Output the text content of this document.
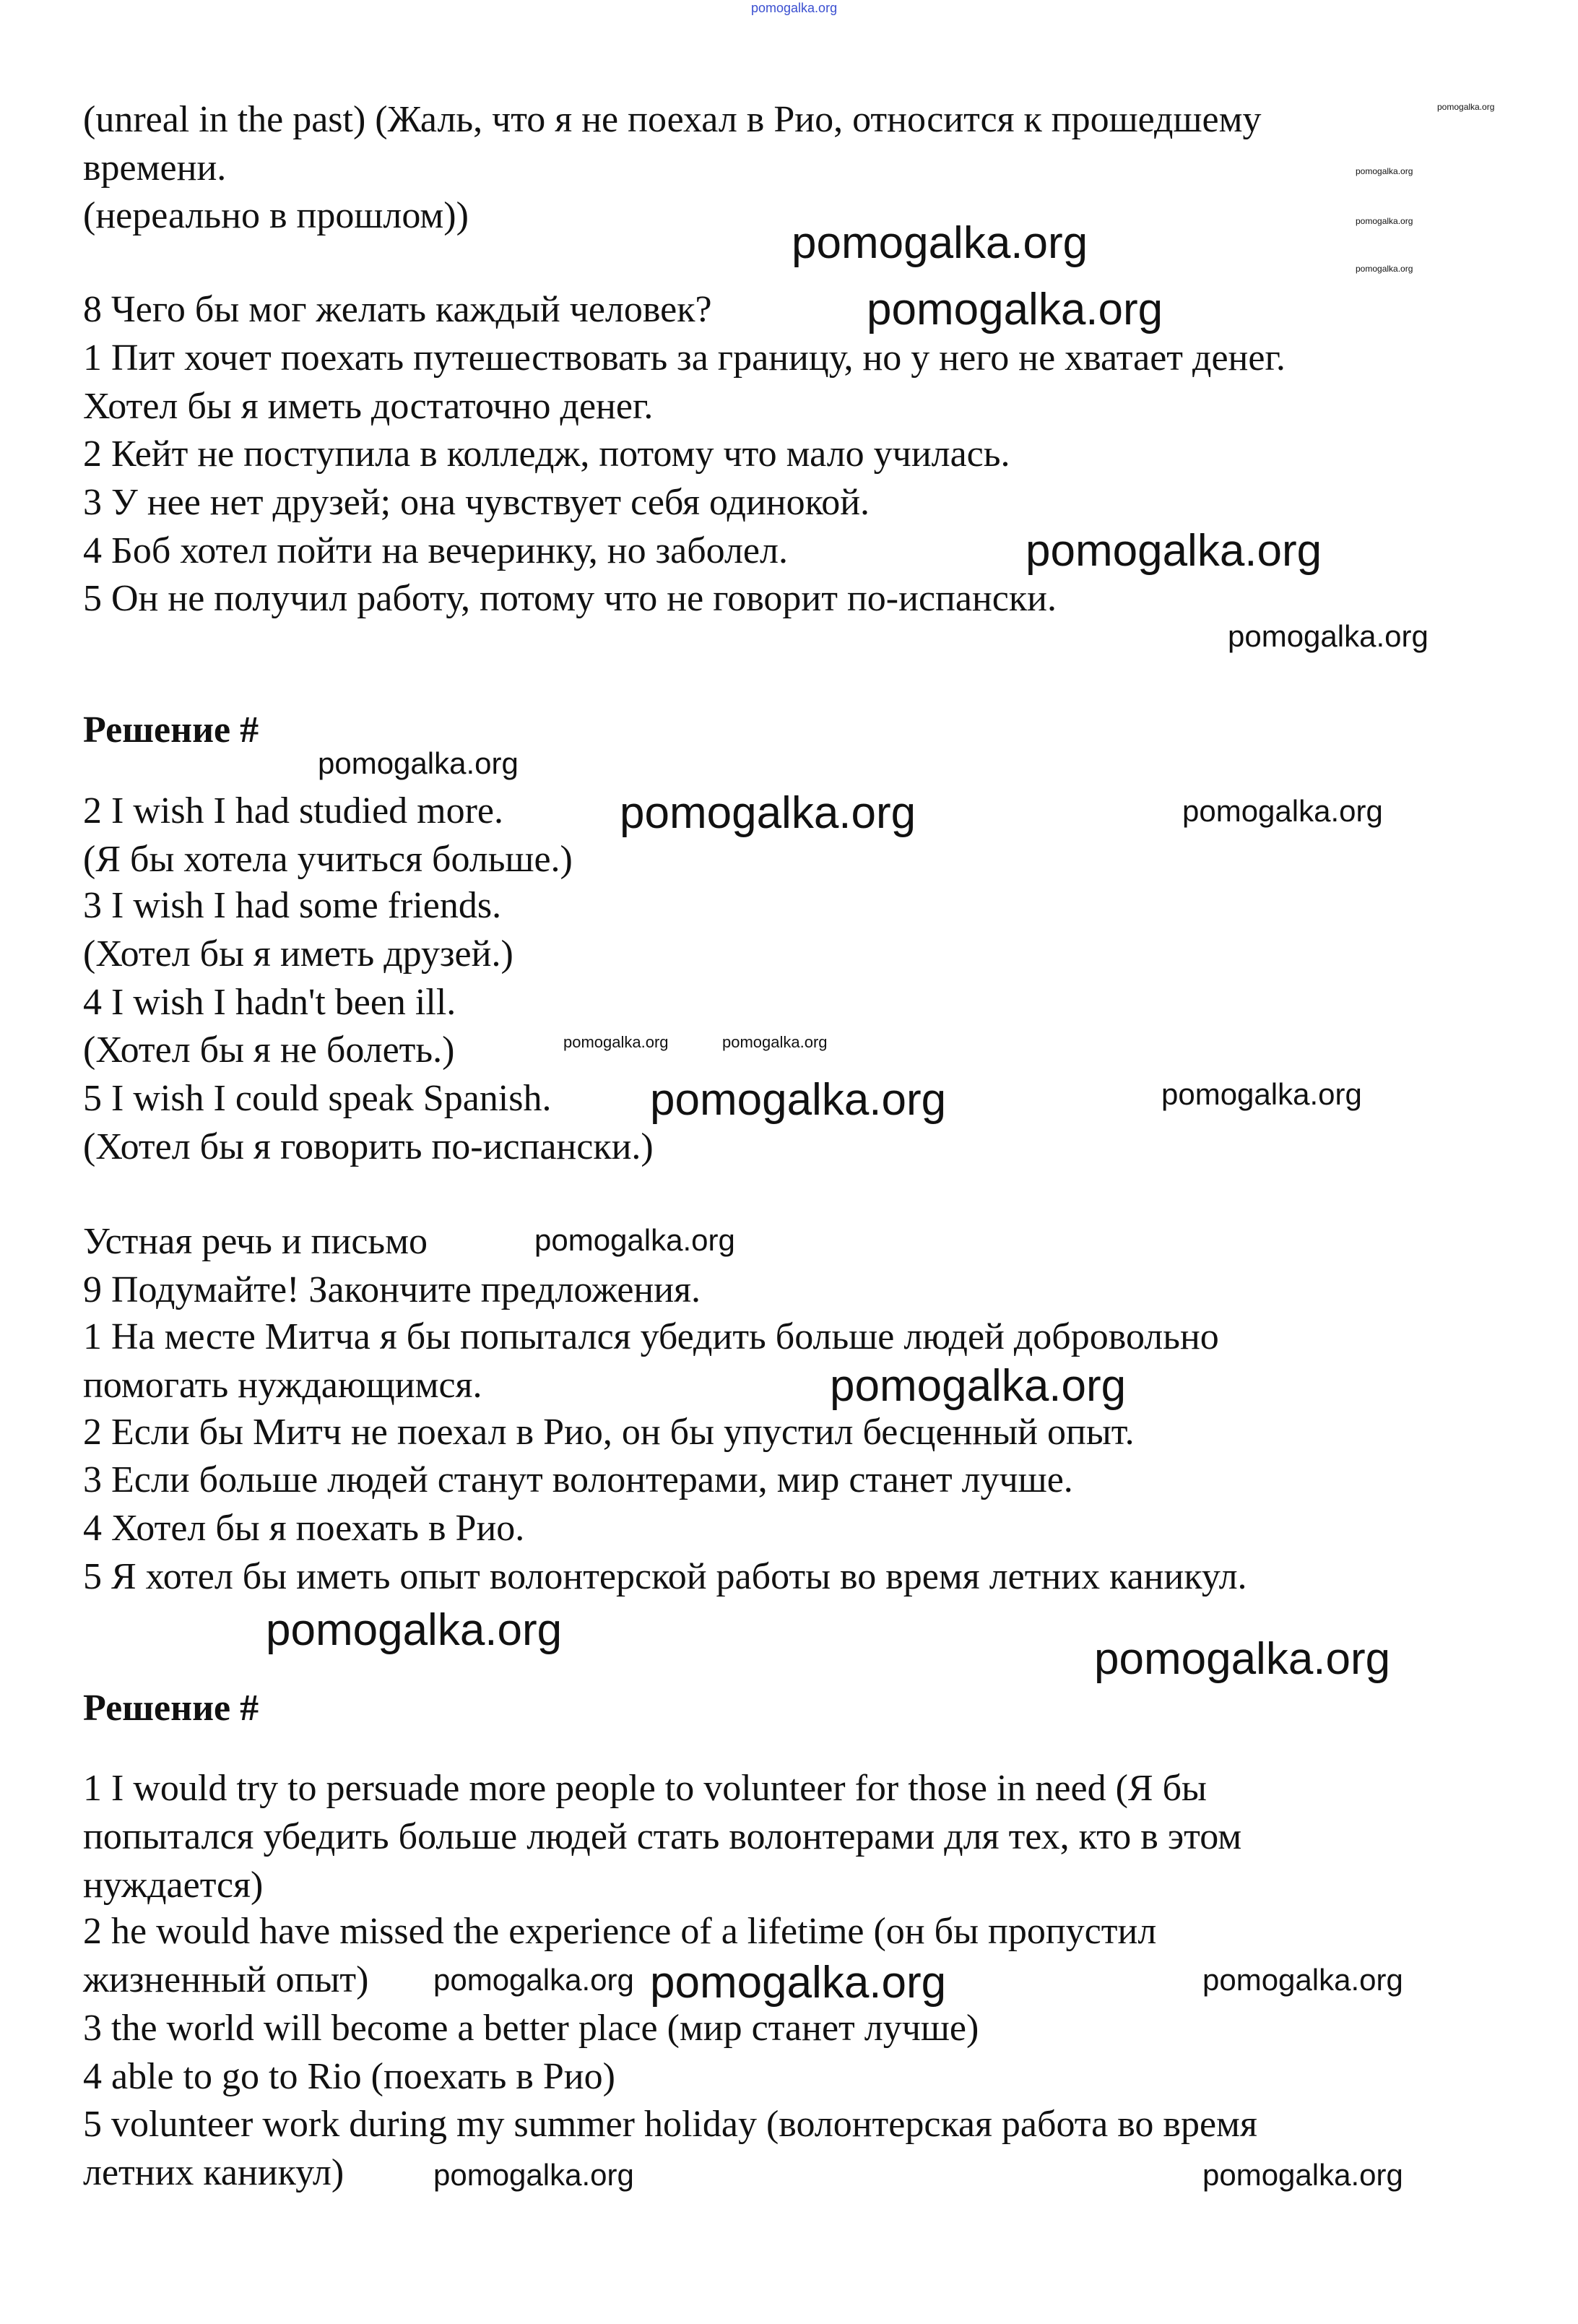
(unreal in the past) (Жаль, что я не поехал в Рио, относится к прошедшему
времени.
(нереально в прошлом))
8 Чего бы мог желать каждый человек?
1 Пит хочет поехать путешествовать за границу, но у него не хватает денег.
Хотел бы я иметь достаточно денег.
2 Кейт не поступила в колледж, потому что мало училась.
3 У нее нет друзей; она чувствует себя одинокой.
4 Боб хотел пойти на вечеринку, но заболел.
5 Он не получил работу, потому что не говорит по-испански.
Решение #
2 I wish I had studied more.
(Я бы хотела учиться больше.)
3 I wish I had some friends.
(Хотел бы я иметь друзей.)
4 I wish I hadn't been ill.
(Хотел бы я не болеть.)
5 I wish I could speak Spanish.
(Хотел бы я говорить по-испански.)
Устная речь и письмо
9 Подумайте! Закончите предложения.
1 На месте Митча я бы попытался убедить больше людей добровольно
помогать нуждающимся.
2 Если бы Митч не поехал в Рио, он бы упустил бесценный опыт.
3 Если больше людей станут волонтерами, мир станет лучше.
4 Хотел бы я поехать в Рио.
5 Я хотел бы иметь опыт волонтерской работы во время летних каникул.
Решение #
1 I would try to persuade more people to volunteer for those in need (Я бы
попытался убедить больше людей стать волонтерами для тех, кто в этом
нуждается)
2 he would have missed the experience of a lifetime (он бы пропустил
жизненный опыт)
3 the world will become a better place (мир станет лучше)
4 able to go to Rio (поехать в Рио)
5 volunteer work during my summer holiday (волонтерская работа во время
летних каникул)
pomogalka.org
pomogalka.org
pomogalka.org
pomogalka.org
pomogalka.org
pomogalka.org
pomogalka.org
pomogalka.org
pomogalka.org
pomogalka.org
pomogalka.org
pomogalka.org
pomogalka.org
pomogalka.org
pomogalka.org
pomogalka.org
pomogalka.org
pomogalka.org
pomogalka.org
pomogalka.org	pomogalka.org
pomogalka.org	pomogalka.org
pomogalka.org	pomogalka.org
